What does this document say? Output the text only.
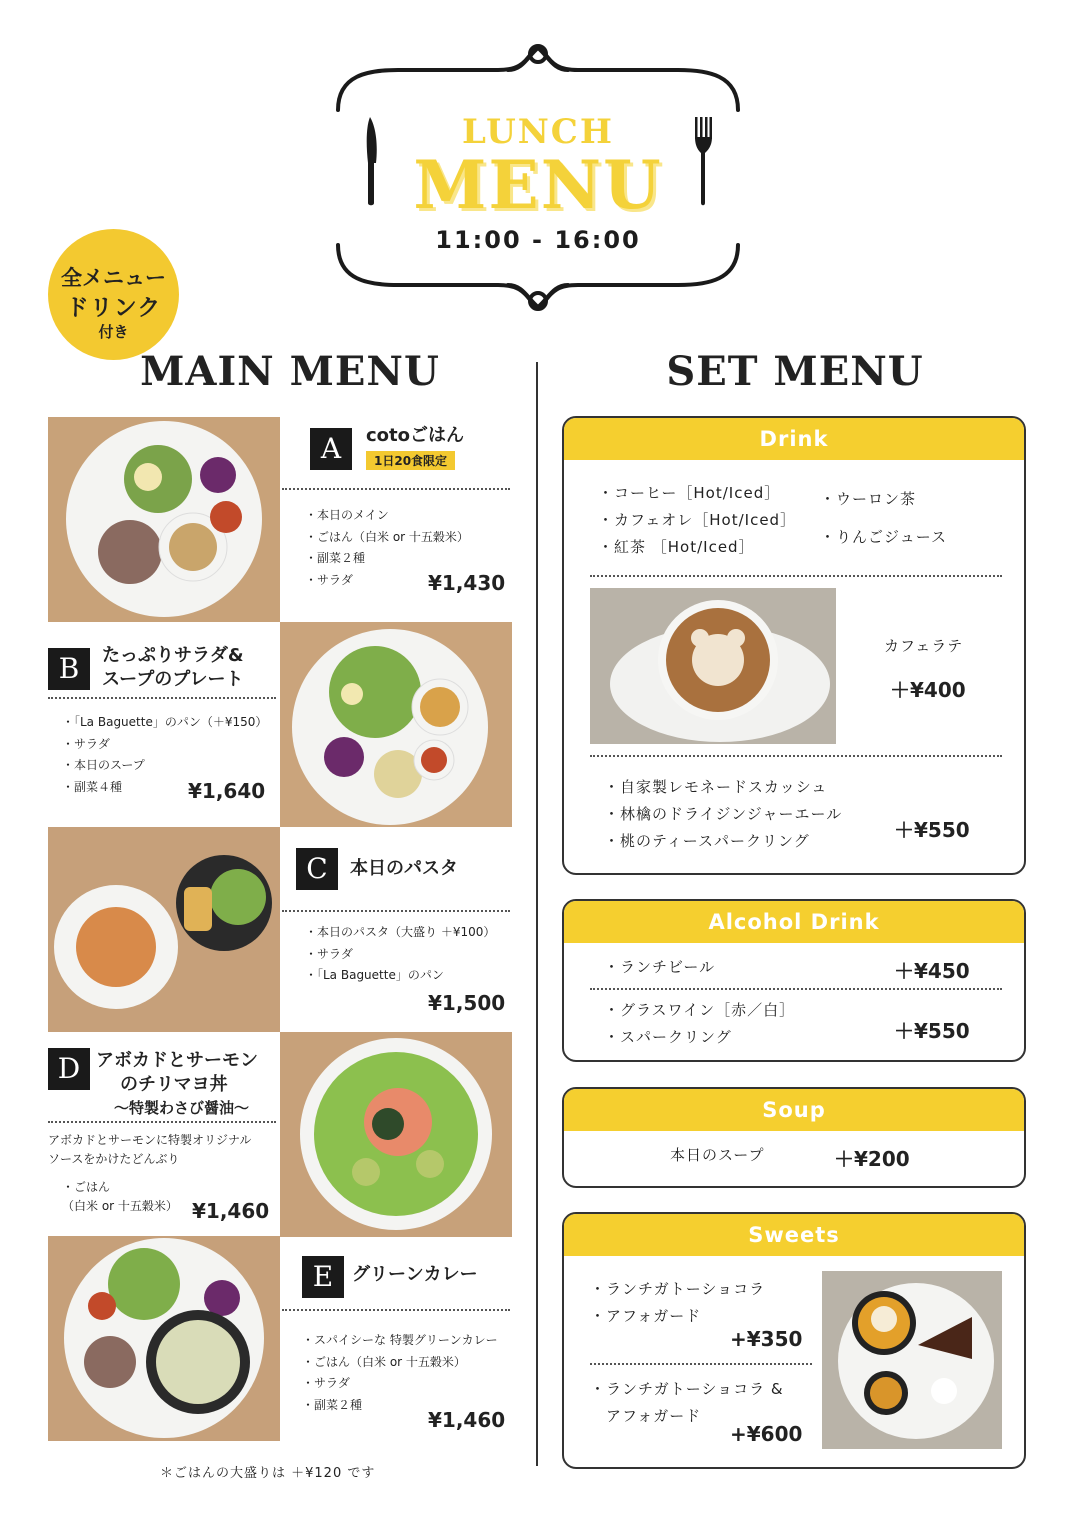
LUNCH
MENU
11:00 - 16:00
全メニュー
ドリンク
付き
MAIN MENU	SET MENU
A	cotoごはん
1日20食限定
・本日のメイン
・ごはん（白米 or 十五穀米）
・副菜２種
・サラダ	¥1,430
B	たっぷりサラダ&
スープのプレート
・「La Baguette」のパン（＋¥150）
・サラダ
・本日のスープ
・副菜４種	¥1,640
C	本日のパスタ
・本日のパスタ（大盛り ＋¥100）
・サラダ
・「La Baguette」のパン
¥1,500
D アボカドとサーモン
のチリマヨ丼
〜特製わさび醤油〜
アボカドとサーモンに特製オリジナル
ソースをかけたどんぶり
・ごはん
（白米 or 十五穀米） ¥1,460
E	グリーンカレー
・スパイシーな 特製グリーンカレー
・ごはん（白米 or 十五穀米）
・サラダ
・副菜２種
¥1,460
＊ごはんの大盛りは ＋¥120 です
Drink
・コーヒー［Hot/Iced］
・カフェオレ［Hot/Iced］
・紅茶 ［Hot/Iced］
・ウーロン茶
・りんごジュース
カフェラテ
＋¥400
・自家製レモネードスカッシュ
・林檎のドライジンジャーエール
・桃のティースパークリング	＋¥550
Alcohol Drink
・ランチビール	＋¥450
・グラスワイン［赤／白］
・スパークリング	＋¥550
Soup
本日のスープ	＋¥200
Sweets
・ランチガトーショコラ
・アフォガード
+¥350
・ランチガトーショコラ &
アフォガード
+¥600
